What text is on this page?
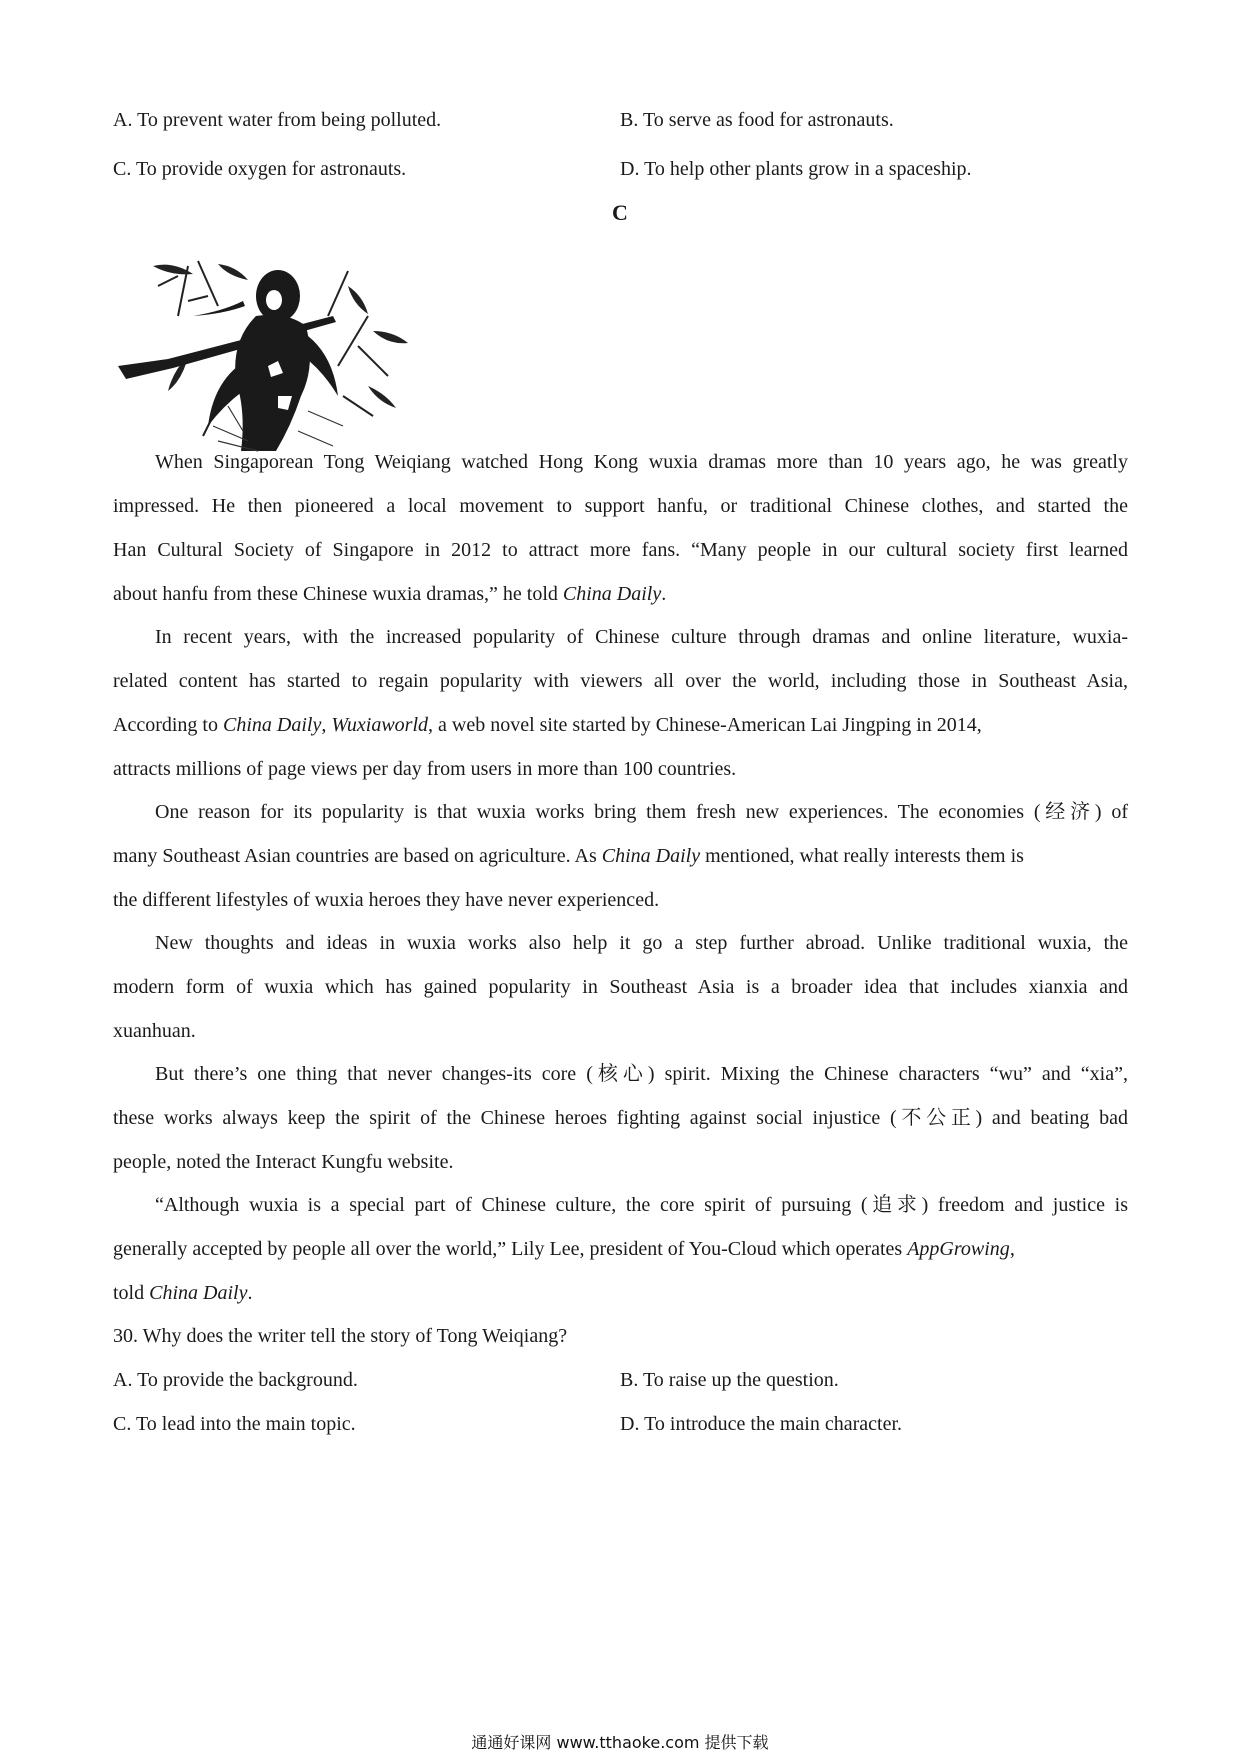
A. To prevent water from being polluted.	B. To serve as food for astronauts.
C. To provide oxygen for astronauts.	D. To help other plants grow in a spaceship.
C
When Singaporean Tong Weiqiang watched Hong Kong wuxia dramas more than 10 years ago, he was greatly
impressed. He then pioneered a local movement to support hanfu, or traditional Chinese clothes, and started the
Han Cultural Society of Singapore in 2012 to attract more fans. “Many people in our cultural society first learned
about hanfu from these Chinese wuxia dramas,” he told China Daily.
In recent years, with the increased popularity of Chinese culture through dramas and online literature, wuxia-
related content has started to regain popularity with viewers all over the world, including those in Southeast Asia,
According to China Daily, Wuxiaworld, a web novel site started by Chinese-American Lai Jingping in 2014,
attracts millions of page views per day from users in more than 100 countries.
One reason for its popularity is that wuxia works bring them fresh new experiences. The economies (经济) of
many Southeast Asian countries are based on agriculture. As China Daily mentioned, what really interests them is
the different lifestyles of wuxia heroes they have never experienced.
New thoughts and ideas in wuxia works also help it go a step further abroad. Unlike traditional wuxia, the
modern form of wuxia which has gained popularity in Southeast Asia is a broader idea that includes xianxia and
xuanhuan.
But there’s one thing that never changes-its core (核心) spirit. Mixing the Chinese characters “wu” and “xia”,
these works always keep the spirit of the Chinese heroes fighting against social injustice (不公正) and beating bad
people, noted the Interact Kungfu website.
“Although wuxia is a special part of Chinese culture, the core spirit of pursuing (追求) freedom and justice is
generally accepted by people all over the world,” Lily Lee, president of You-Cloud which operates AppGrowing,
told China Daily.
30. Why does the writer tell the story of Tong Weiqiang?
A. To provide the background.	B. To raise up the question.
C. To lead into the main topic.	D. To introduce the main character.
通通好课网 www.tthaoke.com 提供下载
